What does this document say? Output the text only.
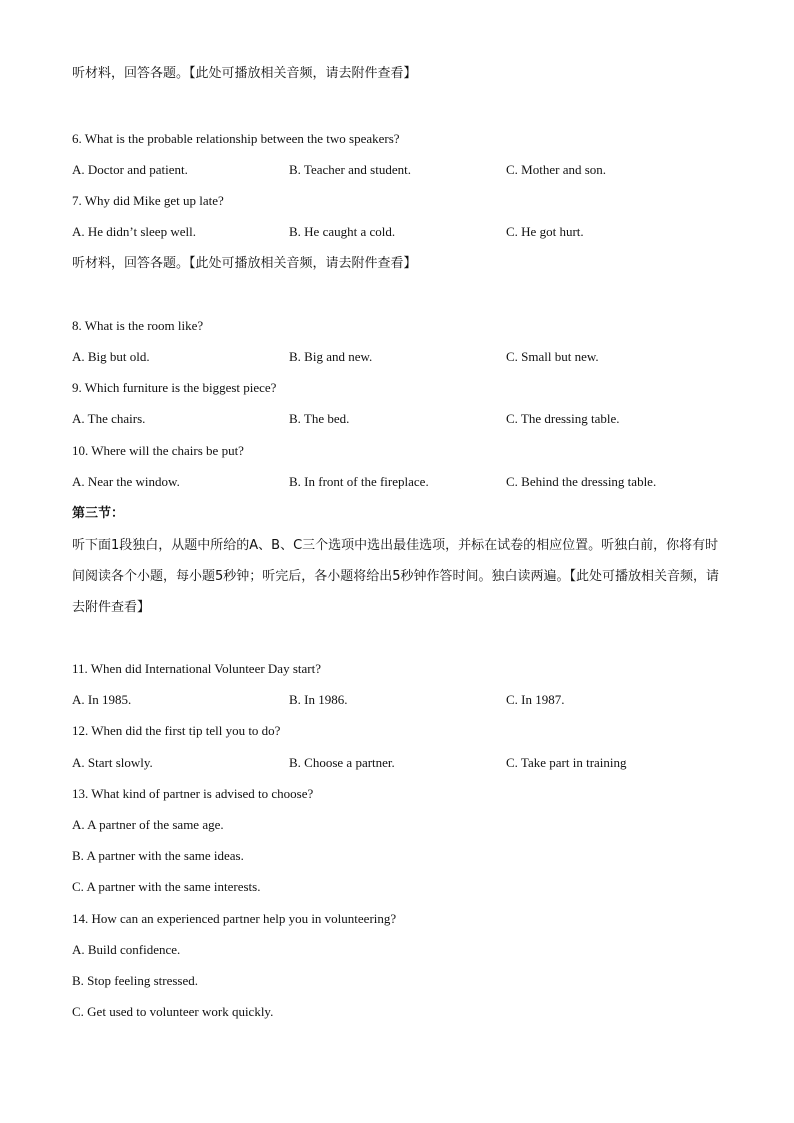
听材料，回答各题。【此处可播放相关音频，请去附件查看】
6. What is the probable relationship between the two speakers?
A. Doctor and patient.	B. Teacher and student.	C. Mother and son.
7. Why did Mike get up late?
A. He didn’t sleep well.	B. He caught a cold.	C. He got hurt.
听材料，回答各题。【此处可播放相关音频，请去附件查看】
8. What is the room like?
A. Big but old.	B. Big and new.	C. Small but new.
9. Which furniture is the biggest piece?
A. The chairs.	B. The bed.	C. The dressing table.
10. Where will the chairs be put?
A. Near the window.	B. In front of the fireplace.	C. Behind the dressing table.
第三节：
听下面1段独白，从题中所给的A、B、C三个选项中选出最佳选项，并标在试卷的相应位置。听独白前，你将有时间阅读各个小题，每小题5秒钟；听完后，各小题将给出5秒钟作答时间。独白读两遍。【此处可播放相关音频，请去附件查看】
11. When did International Volunteer Day start?
A. In 1985.	B. In 1986.	C. In 1987.
12. When did the first tip tell you to do?
A. Start slowly.	B. Choose a partner.	C. Take part in training
13. What kind of partner is advised to choose?
A. A partner of the same age.
B. A partner with the same ideas.
C. A partner with the same interests.
14. How can an experienced partner help you in volunteering?
A. Build confidence.
B. Stop feeling stressed.
C. Get used to volunteer work quickly.
